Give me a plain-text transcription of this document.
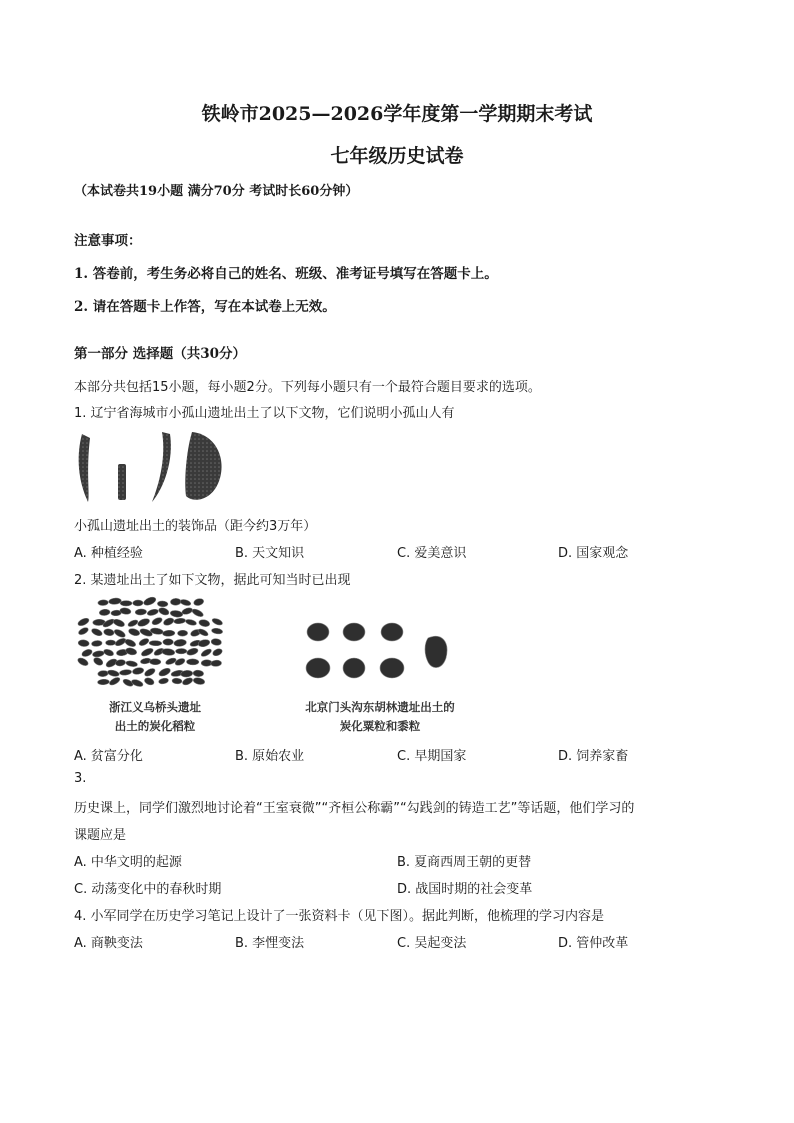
铁岭市2025—2026学年度第一学期期末考试
七年级历史试卷
（本试卷共19小题 满分70分 考试时长60分钟）
注意事项：
1. 答卷前，考生务必将自己的姓名、班级、准考证号填写在答题卡上。
2. 请在答题卡上作答，写在本试卷上无效。
第一部分 选择题（共30分）
本部分共包括15小题，每小题2分。下列每小题只有一个最符合题目要求的选项。
1. 辽宁省海城市小孤山遗址出土了以下文物，它们说明小孤山人有
小孤山遗址出土的装饰品（距今约3万年）
A. 种植经验	B. 天文知识	C. 爱美意识	D. 国家观念
2. 某遗址出土了如下文物，据此可知当时已出现
浙江义乌桥头遗址
出土的炭化稻粒
北京门头沟东胡林遗址出土的
炭化粟粒和黍粒
A. 贫富分化	B. 原始农业	C. 早期国家	D. 饲养家畜
3.
历史课上，同学们激烈地讨论着“王室衰微”“齐桓公称霸”“勾践剑的铸造工艺”等话题，他们学习的
课题应是
A. 中华文明的起源	B. 夏商西周王朝的更替
C. 动荡变化中的春秋时期	D. 战国时期的社会变革
4. 小军同学在历史学习笔记上设计了一张资料卡（见下图）。据此判断，他梳理的学习内容是
A. 商鞅变法	B. 李悝变法	C. 吴起变法	D. 管仲改革
